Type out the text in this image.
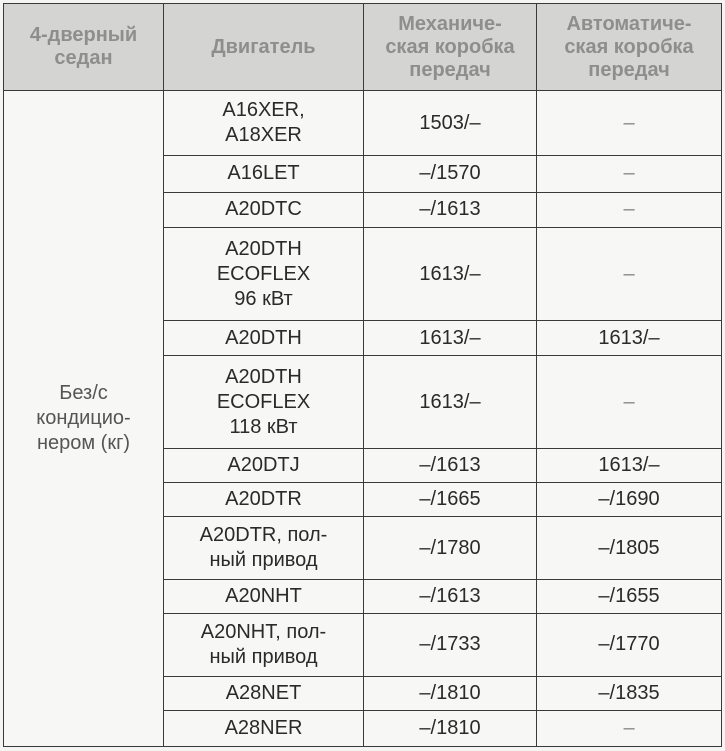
4-дверный
седан	Двигатель	Механиче-
ская коробка
передач	Автоматиче-
ская коробка
передач
Без/с
кондицио-
нером (кг)	A16XER,
A18XER	1503/–	–
	A16LET	–/1570	–
	A20DTC	–/1613	–
	A20DTH
ECOFLEX
96 кВт	1613/–	–
	A20DTH	1613/–	1613/–
	A20DTH
ECOFLEX
118 кВт	1613/–	–
	A20DTJ	–/1613	1613/–
	A20DTR	–/1665	–/1690
	A20DTR, пол-
ный привод	–/1780	–/1805
	A20NHT	–/1613	–/1655
	A20NHT, пол-
ный привод	–/1733	–/1770
	A28NET	–/1810	–/1835
	A28NER	–/1810	–
